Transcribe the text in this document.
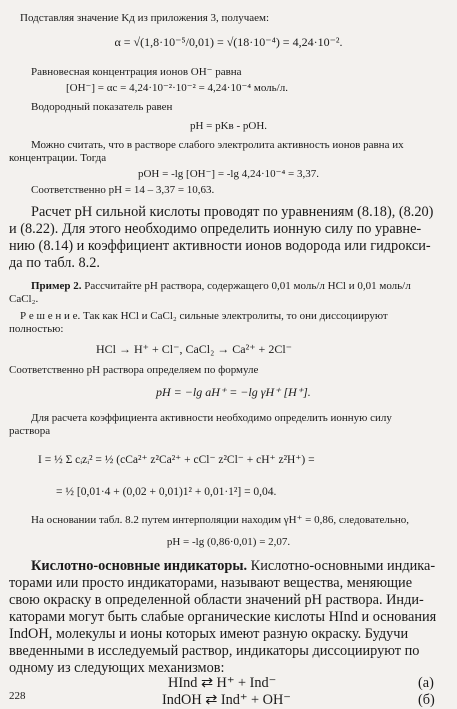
Подставляя значение Kд из приложения 3, получаем:
α = √(1,8·10⁻⁵/0,01) = √(18·10⁻⁴) = 4,24·10⁻².
Равновесная концентрация ионов OH⁻ равна
[OH⁻] = αc = 4,24·10⁻²·10⁻² = 4,24·10⁻⁴ моль/л.
Водородный показатель равен
pH = pKв - pOH.
Можно считать, что в растворе слабого электролита активность ионов равна их
концентрации. Тогда
pOH = -lg [OH⁻] = -lg 4,24·10⁻⁴ = 3,37.
Соответственно pH = 14 – 3,37 = 10,63.
Расчет pH сильной кислоты проводят по уравнениям (8.18), (8.20)
и (8.22). Для этого необходимо определить ионную силу по уравне-
нию (8.14) и коэффициент активности ионов водорода или гидрокси-
да по табл. 8.2.
Пример 2. Рассчитайте pH раствора, содержащего 0,01 моль/л HCl и 0,01 моль/л
CaCl₂.
Р е ш е н и е. Так как HCl и CaCl₂ сильные электролиты, то они диссоциируют
полностью:
HCl → H⁺ + Cl⁻, CaCl₂ → Ca²⁺ + 2Cl⁻
Соответственно pH раствора определяем по формуле
pH = −lg aH⁺ = −lg γH⁺ [H⁺].
Для расчета коэффициента активности необходимо определить ионную силу
раствора
I = ½ Σ cᵢzᵢ² = ½ (cCa²⁺ z²Ca²⁺ + cCl⁻ z²Cl⁻ + cH⁺ z²H⁺) =
= ½ [0,01·4 + (0,02 + 0,01)1² + 0,01·1²] = 0,04.
На основании табл. 8.2 путем интерполяции находим γH⁺ = 0,86, следовательно,
pH = -lg (0,86·0,01) = 2,07.
Кислотно-основные индикаторы. Кислотно-основными индика-
торами или просто индикаторами, называют вещества, меняющие
свою окраску в определенной области значений pH раствора. Инди-
каторами могут быть слабые органические кислоты HInd и основания
IndOH, молекулы и ионы которых имеют разную окраску. Будучи
введенными в исследуемый раствор, индикаторы диссоциируют по
одному из следующих механизмов:
HInd ⇄ H⁺ + Ind⁻	(a)
IndOH ⇄ Ind⁺ + OH⁻	(б)
228
